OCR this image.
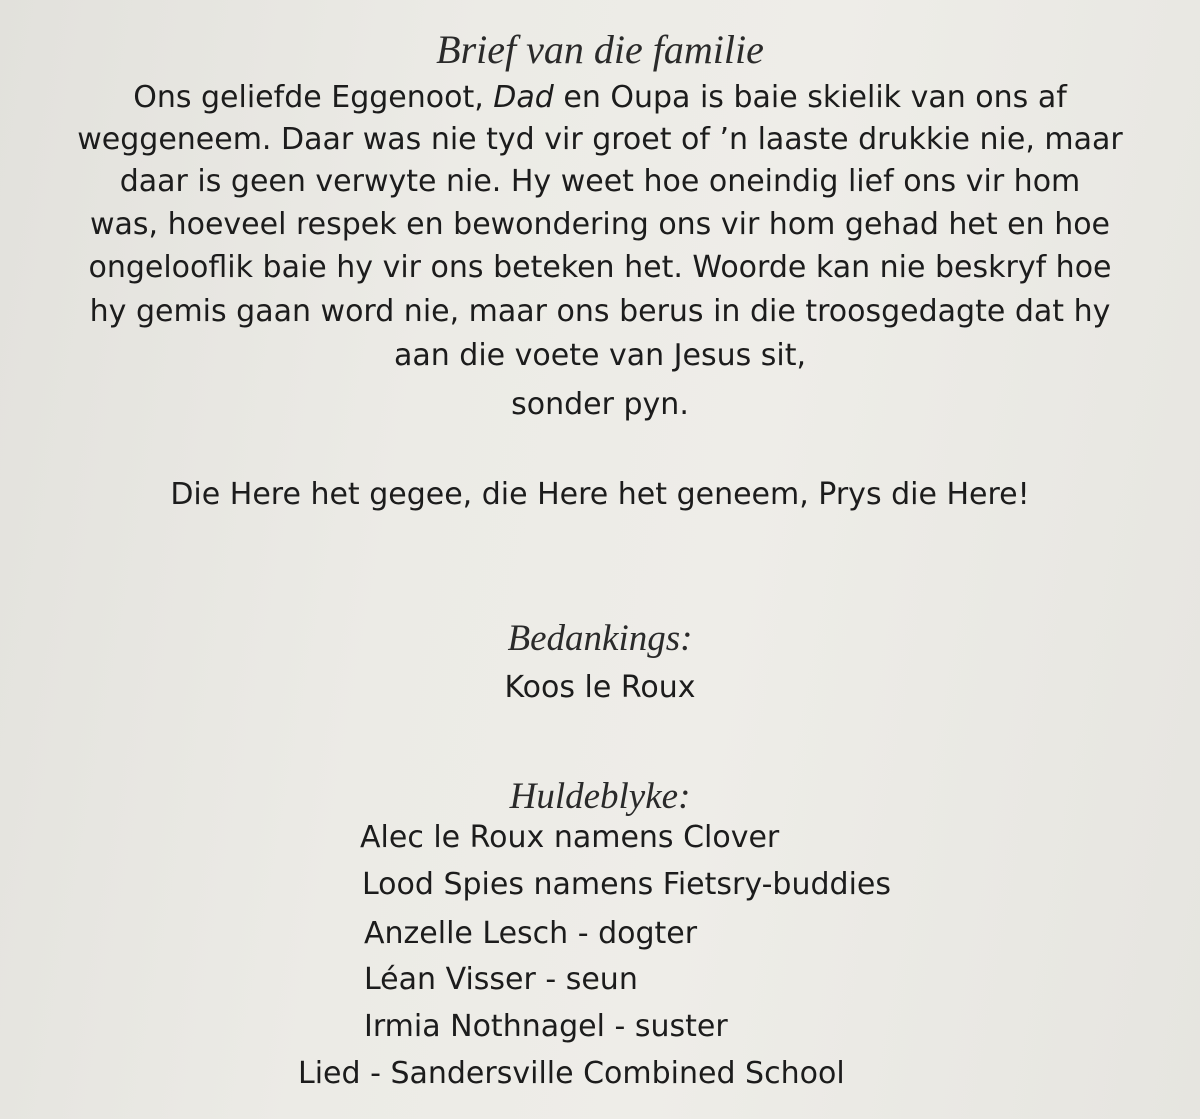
Brief van die familie

Ons geliefde Eggenoot, Dad en Oupa is baie skielik van ons af

weggeneem. Daar was nie tyd vir groet of ’n laaste drukkie nie, maar

daar is geen verwyte nie. Hy weet hoe oneindig lief ons vir hom

was, hoeveel respek en bewondering ons vir hom gehad het en hoe

ongelooflik baie hy vir ons beteken het. Woorde kan nie beskryf hoe

hy gemis gaan word nie, maar ons berus in die troosgedagte dat hy

aan die voete van Jesus sit,

sonder pyn.

Die Here het gegee, die Here het geneem, Prys die Here!

Bedankings:

Koos le Roux

Huldeblyke:

Alec le Roux namens Clover

Lood Spies namens Fietsry-buddies

Anzelle Lesch - dogter

Léan Visser - seun

Irmia Nothnagel - suster

Lied - Sandersville Combined School
